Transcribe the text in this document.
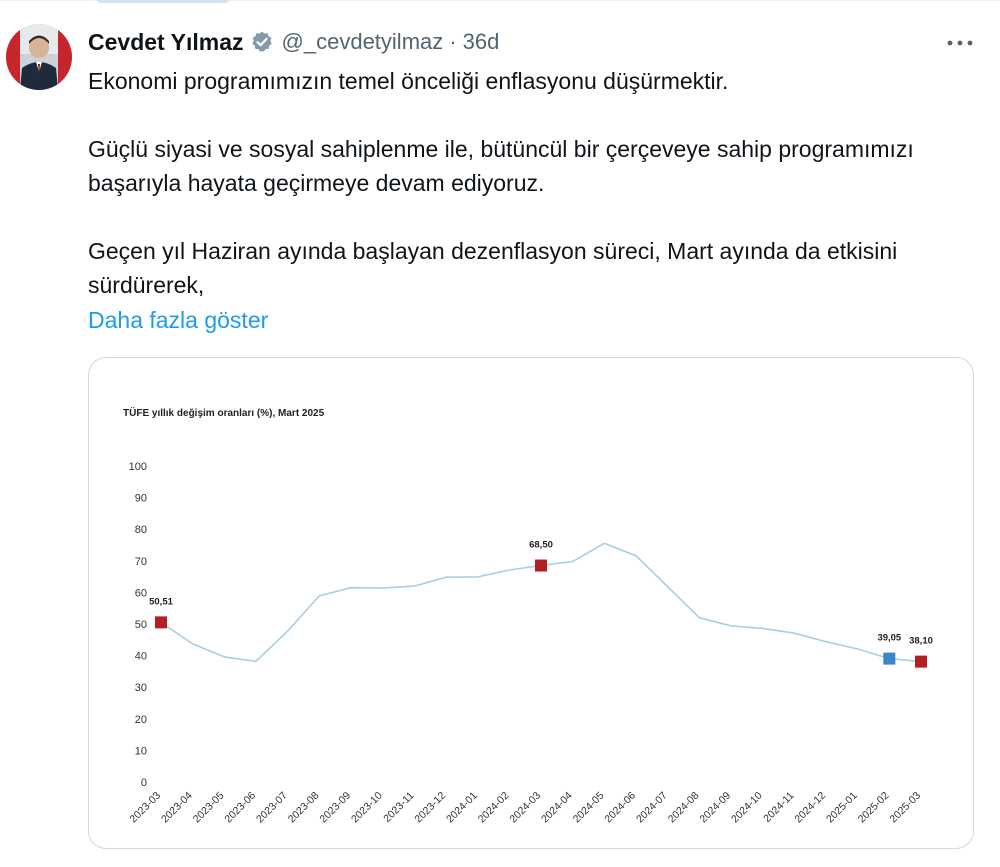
Cevdet Yılmaz @_cevdetyilmaz · 36d

Ekonomi programımızın temel önceliği enflasyonu düşürmektir.

Güçlü siyasi ve sosyal sahiplenme ile, bütüncül bir çerçeveye sahip programımızı başarıyla hayata geçirmeye devam ediyoruz.

Geçen yıl Haziran ayında başlayan dezenflasyon süreci, Mart ayında da etkisini sürdürerek,

Daha fazla göster
TÜFE yıllık değişim oranları (%), Mart 2025
0
10
20
30
40
50
60
70
80
90
100
2023-03
2023-04
2023-05
2023-06
2023-07
2023-08
2023-09
2023-10
2023-11
2023-12
2024-01
2024-02
2024-03
2024-04
2024-05
2024-06
2024-07
2024-08
2024-09
2024-10
2024-11
2024-12
2025-01
2025-02
2025-03
50,51
68,50
39,05 38,10
